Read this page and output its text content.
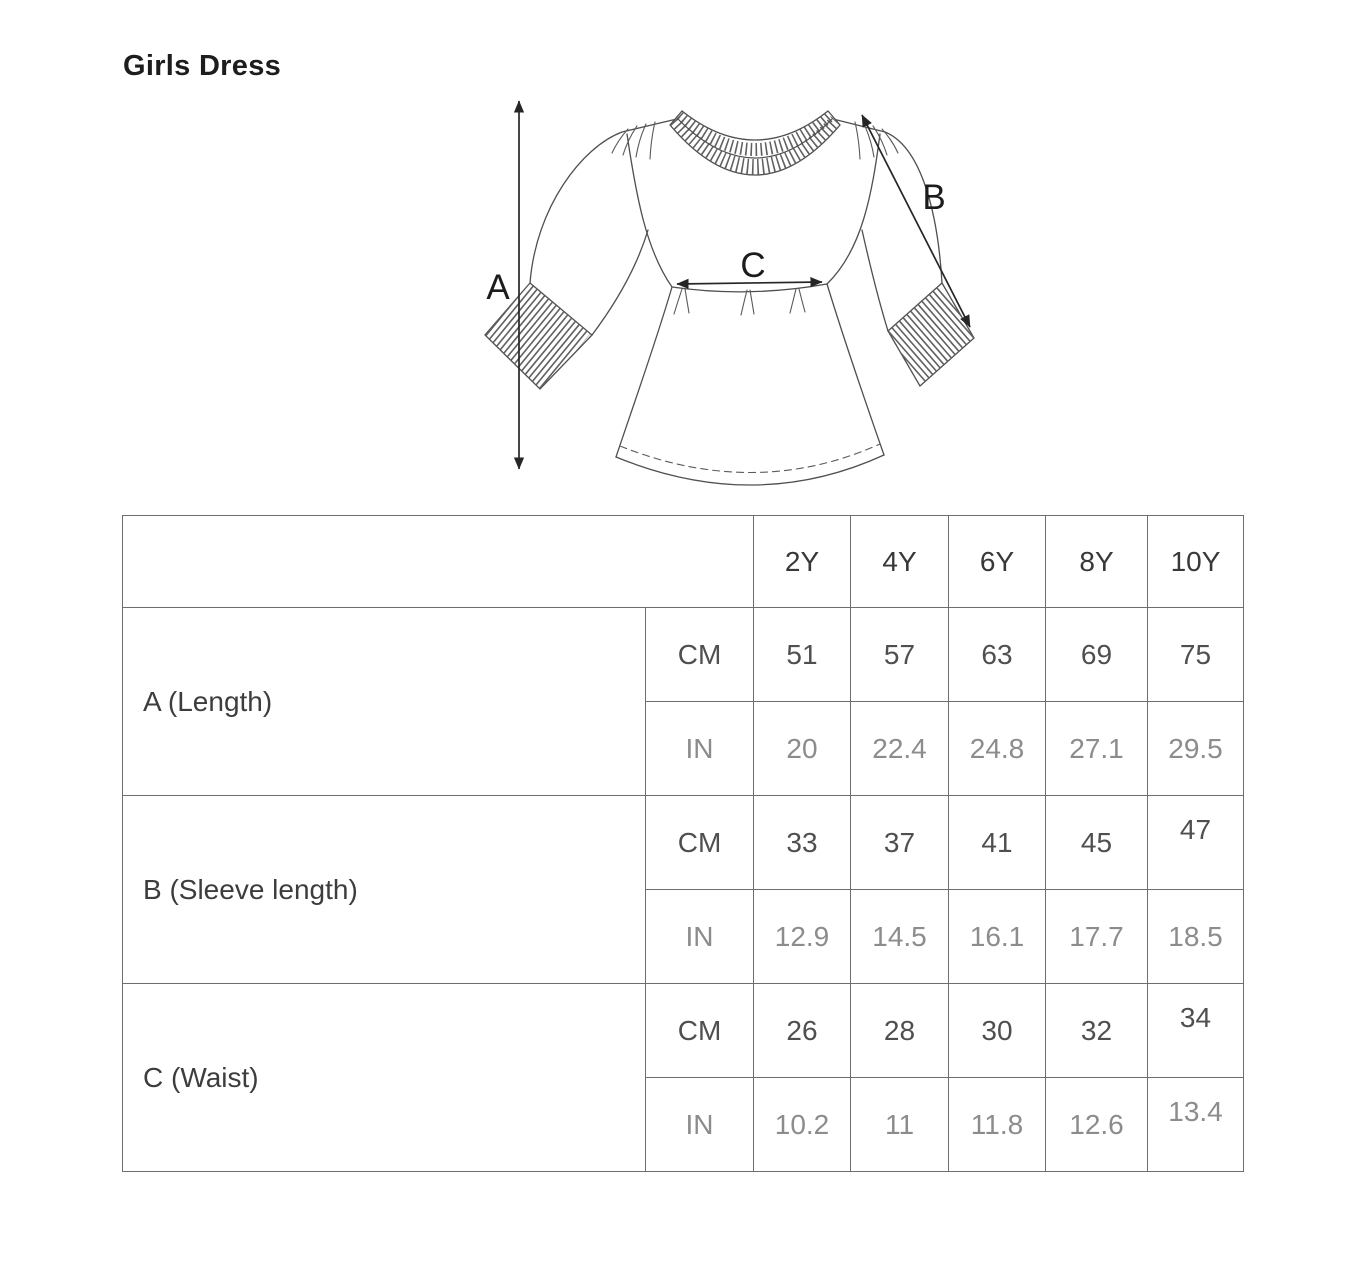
Girls Dress
A
B
C
		2Y	4Y	6Y	8Y	10Y
A (Length)	CM	51	57	63	69	75
	IN	20	22.4	24.8	27.1	29.5
B (Sleeve length)	CM	33	37	41	45	47
	IN	12.9	14.5	16.1	17.7	18.5
C (Waist)	CM	26	28	30	32	34
	IN	10.2	11	11.8	12.6	13.4
